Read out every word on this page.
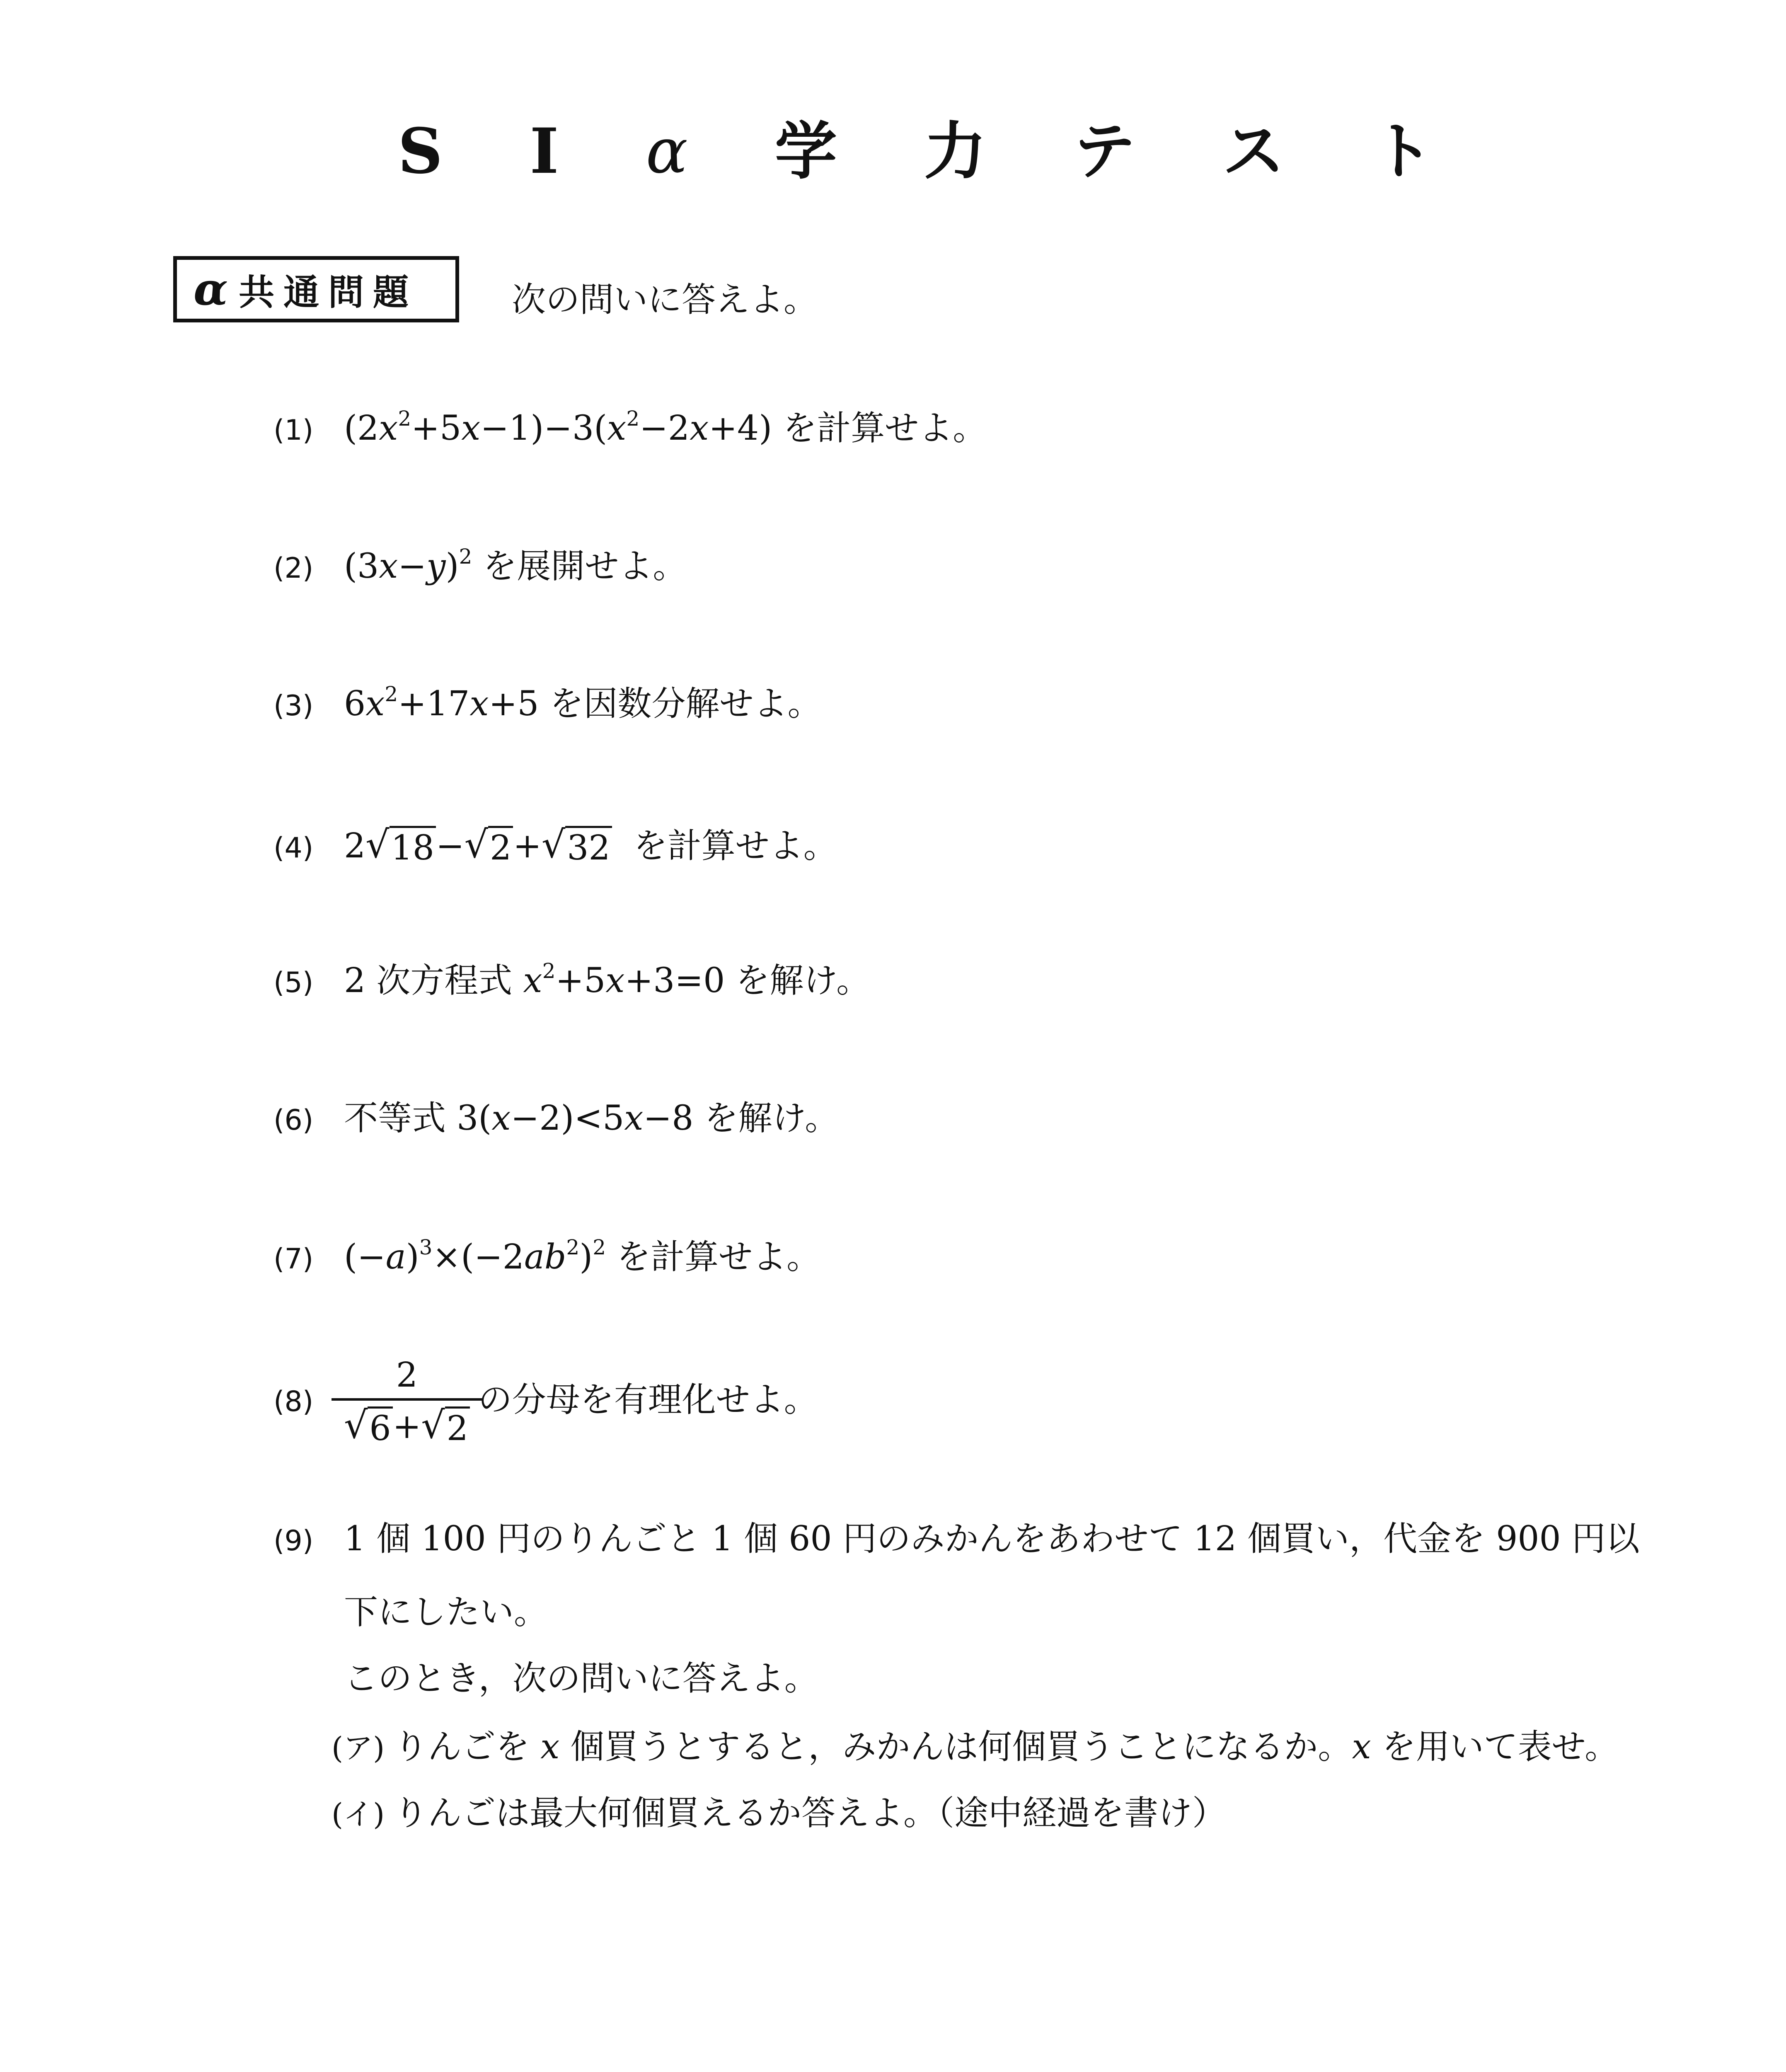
S I α 学 力 テ ス ト
α 共通問題	次の問いに答えよ。
(1) $(2x^2+5x-1)-3(x^2-2x+4)$ を計算せよ。
(2) $(3x-y)^2$ を展開せよ。
(3) $6x^2+17x+5$ を因数分解せよ。
(4) 2 √ 18 − √ 2 + √ 32 を計算せよ。
(5) 2 次方程式 $x^2+5x+3=0$ を解け。
(6) 不等式 3(x−2)<5x−8 を解け。
(7) $(-a)^3\times(-2ab^2)^2$ を計算せよ。
$(8) \frac{2}{√ 6 + √ 2}$ の分母を有理化せよ。
(9) 1 個 100 円のりんごと 1 個 60 円のみかんをあわせて 12 個買い，代金を 900 円以
下にしたい。
このとき，次の問いに答えよ。
(ア) りんごを x 個買うとすると，みかんは何個買うことになるか。x を用いて表せ。
(イ) りんごは最大何個買えるか答えよ。（途中経過を書け）
